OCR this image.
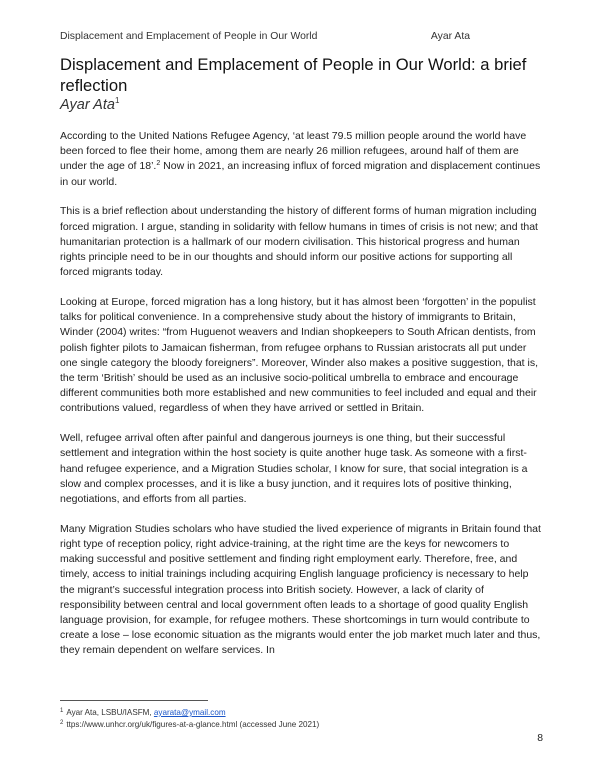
Displacement and Emplacement of People in Our World	Ayar Ata
Displacement and Emplacement of People in Our World: a brief reflection
Ayar Ata$^1$

According to the United Nations Refugee Agency, ‘at least 79.5 million people around the world have been forced to flee their home, among them are nearly 26 million refugees, around half of them are under the age of 18’.$^2$ Now in 2021, an increasing influx of forced migration and displacement continues in our world.

This is a brief reflection about understanding the history of different forms of human migration including forced migration. I argue, standing in solidarity with fellow humans in times of crisis is not new; and that humanitarian protection is a hallmark of our modern civilisation. This historical progress and human rights principle need to be in our thoughts and should inform our positive actions for supporting all forced migrants today.

Looking at Europe, forced migration has a long history, but it has almost been ‘forgotten’ in the populist talks for political convenience. In a comprehensive study about the history of immigrants to Britain, Winder (2004) writes: “from Huguenot weavers and Indian shopkeepers to South African dentists, from polish fighter pilots to Jamaican fisherman, from refugee orphans to Russian aristocrats all put under one single category the bloody foreigners”. Moreover, Winder also makes a positive suggestion, that is, the term ‘British’ should be used as an inclusive socio-political umbrella to embrace and encourage different communities both more established and new communities to feel included and equal and their contributions valued, regardless of when they have arrived or settled in Britain.

Well, refugee arrival often after painful and dangerous journeys is one thing, but their successful settlement and integration within the host society is quite another huge task. As someone with a first-hand refugee experience, and a Migration Studies scholar, I know for sure, that social integration is a slow and complex processes, and it is like a busy junction, and it requires lots of positive thinking, negotiations, and efforts from all parties.

Many Migration Studies scholars who have studied the lived experience of migrants in Britain found that right type of reception policy, right advice-training, at the right time are the keys for newcomers to making successful and positive settlement and finding right employment early. Therefore, free, and timely, access to initial trainings including acquiring English language proficiency is necessary to help the migrant’s successful integration process into British society. However, a lack of clarity of responsibility between central and local government often leads to a shortage of good quality English language provision, for example, for refugee mothers. These shortcomings in turn would contribute to create a lose – lose economic situation as the migrants would enter the job market much later and thus, they remain dependent on welfare services. In

$^1$ Ayar Ata, LSBU/IASFM, ayarata@ymail.com
$^2$ ttps://www.unhcr.org/uk/figures-at-a-glance.html (accessed June 2021)
8
